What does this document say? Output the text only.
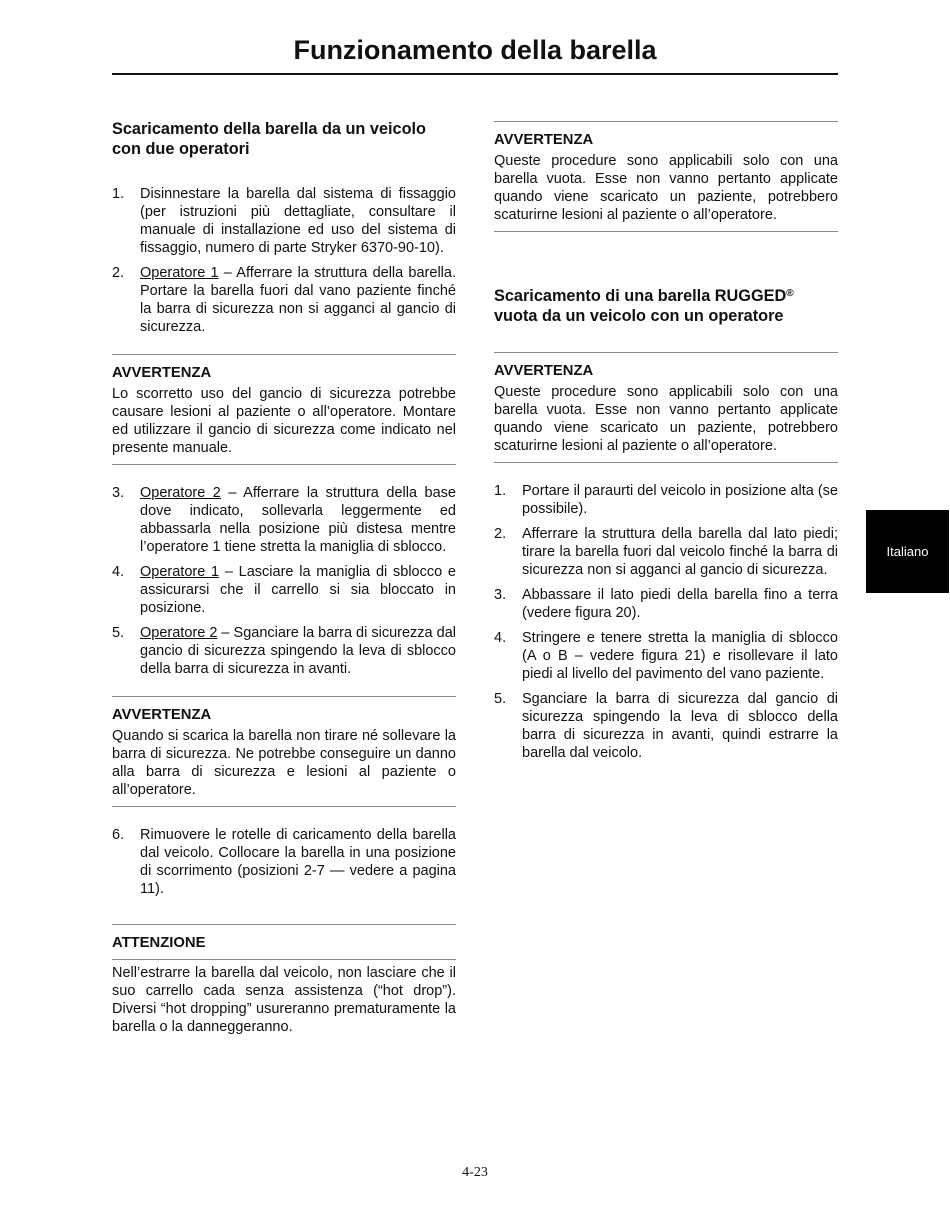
Funzionamento della barella
Scaricamento della barella da un veicolo con due operatori
1. Disinnestare la barella dal sistema di fissaggio (per istruzioni più dettagliate, consultare il manuale di installazione ed uso del sistema di fissaggio, numero di parte Stryker 6370-90-10).
2. Operatore 1 – Afferrare la struttura della barella. Portare la barella fuori dal vano paziente finché la barra di sicurezza non si agganci al gancio di sicurezza.
AVVERTENZA

Lo scorretto uso del gancio di sicurezza potrebbe causare lesioni al paziente o all’operatore. Montare ed utilizzare il gancio di sicurezza come indicato nel presente manuale.

3. Operatore 2 – Afferrare la struttura della base dove indicato, sollevarla leggermente ed abbassarla nella posizione più distesa mentre l’operatore 1 tiene stretta la maniglia di sblocco.
4. Operatore 1 – Lasciare la maniglia di sblocco e assicurarsi che il carrello si sia bloccato in posizione.
5. Operatore 2 – Sganciare la barra di sicurezza dal gancio di sicurezza spingendo la leva di sblocco della barra di sicurezza in avanti.
AVVERTENZA

Quando si scarica la barella non tirare né sollevare la barra di sicurezza. Ne potrebbe conseguire un danno alla barra di sicurezza e lesioni al paziente o all’operatore.

6. Rimuovere le rotelle di caricamento della barella dal veicolo. Collocare la barella in una posizione di scorrimento (posizioni 2-7 — vedere a pagina 11).
ATTENZIONE

Nell’estrarre la barella dal veicolo, non lasciare che il suo carrello cada senza assistenza (“hot drop”). Diversi “hot dropping” usureranno prematuramente la barella o la danneggeranno.

AVVERTENZA

Queste procedure sono applicabili solo con una barella vuota. Esse non vanno pertanto applicate quando viene scaricato un paziente, potrebbero scaturirne lesioni al paziente o all’operatore.

Scaricamento di una barella RUGGED® vuota da un veicolo con un operatore
AVVERTENZA

Queste procedure sono applicabili solo con una barella vuota. Esse non vanno pertanto applicate quando viene scaricato un paziente, potrebbero scaturirne lesioni al paziente o all’operatore.

1. Portare il paraurti del veicolo in posizione alta (se possibile).
2. Afferrare la struttura della barella dal lato piedi; tirare la barella fuori dal veicolo finché la barra di sicurezza non si agganci al gancio di sicurezza.
3. Abbassare il lato piedi della barella fino a terra (vedere figura 20).
4. Stringere e tenere stretta la maniglia di sblocco (A o B – vedere figura 21) e risollevare il lato piedi al livello del pavimento del vano paziente.
5. Sganciare la barra di sicurezza dal gancio di sicurezza spingendo la leva di sblocco della barra di sicurezza in avanti, quindi estrarre la barella dal veicolo.
Italiano
4-23
